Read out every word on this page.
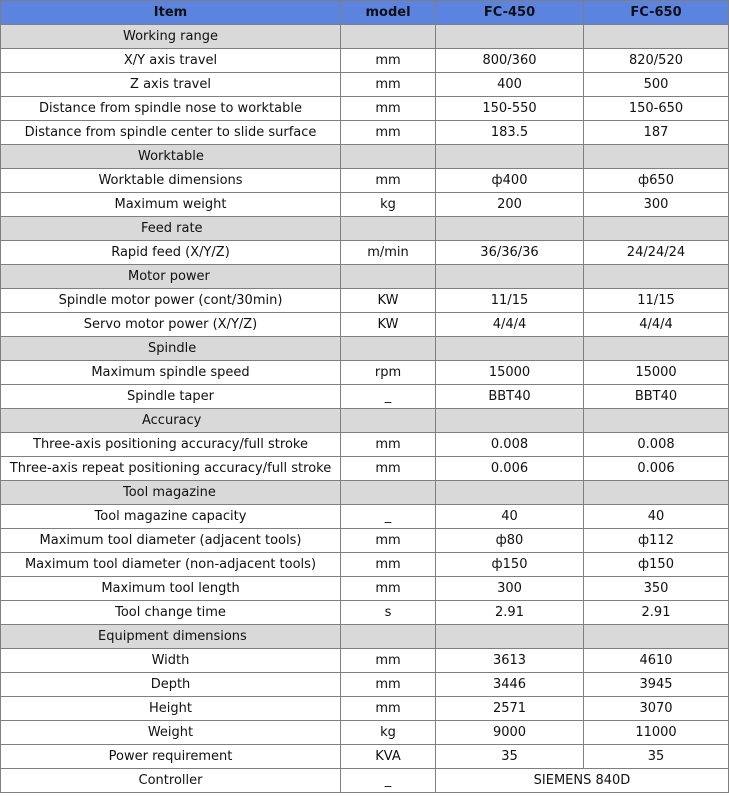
Item	model	FC-450	FC-650
Working range			
X/Y axis travel	mm	800/360	820/520
Z axis travel	mm	400	500
Distance from spindle nose to worktable	mm	150-550	150-650
Distance from spindle center to slide surface	mm	183.5	187
Worktable			
Worktable dimensions	mm	ф400	ф650
Maximum weight	kg	200	300
Feed rate			
Rapid feed (X/Y/Z)	m/min	36/36/36	24/24/24
Motor power			
Spindle motor power (cont/30min)	KW	11/15	11/15
Servo motor power (X/Y/Z)	KW	4/4/4	4/4/4
Spindle			
Maximum spindle speed	rpm	15000	15000
Spindle taper	_	BBT40	BBT40
Accuracy			
Three-axis positioning accuracy/full stroke	mm	0.008	0.008
Three-axis repeat positioning accuracy/full stroke	mm	0.006	0.006
Tool magazine			
Tool magazine capacity	_	40	40
Maximum tool diameter (adjacent tools)	mm	ф80	ф112
Maximum tool diameter (non-adjacent tools)	mm	ф150	ф150
Maximum tool length	mm	300	350
Tool change time	s	2.91	2.91
Equipment dimensions			
Width	mm	3613	4610
Depth	mm	3446	3945
Height	mm	2571	3070
Weight	kg	9000	11000
Power requirement	KVA	35	35
Controller	_	SIEMENS 840D	
